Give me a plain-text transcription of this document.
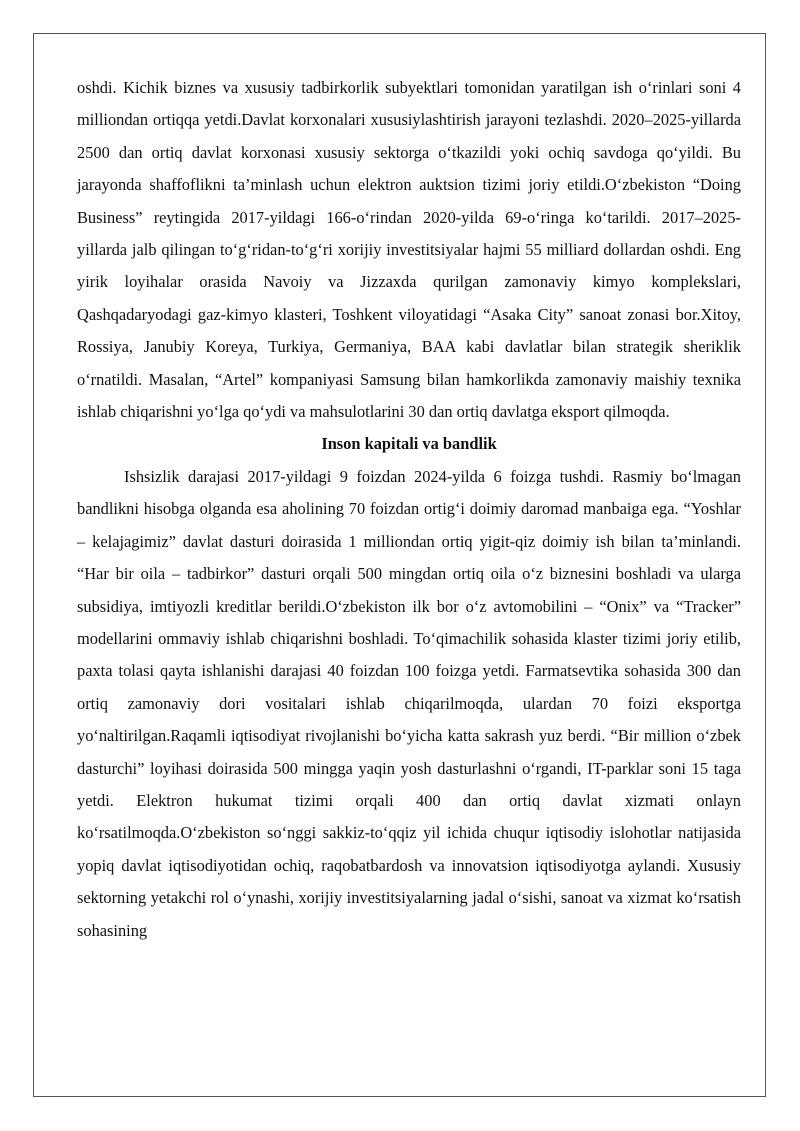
oshdi. Kichik biznes va xususiy tadbirkorlik subyektlari tomonidan yaratilgan ish o‘rinlari soni 4 milliondan ortiqqa yetdi.Davlat korxonalari xususiylashtirish jarayoni tezlashdi. 2020–2025-yillarda 2500 dan ortiq davlat korxonasi xususiy sektorga o‘tkazildi yoki ochiq savdoga qo‘yildi. Bu jarayonda shaffoflikni ta’minlash uchun elektron auktsion tizimi joriy etildi.O‘zbekiston “Doing Business” reytingida 2017-yildagi 166-o‘rindan 2020-yilda 69-o‘ringa ko‘tarildi. 2017–2025-yillarda jalb qilingan to‘g‘ridan-to‘g‘ri xorijiy investitsiyalar hajmi 55 milliard dollardan oshdi. Eng yirik loyihalar orasida Navoiy va Jizzaxda qurilgan zamonaviy kimyo komplekslari, Qashqadaryodagi gaz-kimyo klasteri, Toshkent viloyatidagi “Asaka City” sanoat zonasi bor.Xitoy, Rossiya, Janubiy Koreya, Turkiya, Germaniya, BAA kabi davlatlar bilan strategik sheriklik o‘rnatildi. Masalan, “Artel” kompaniyasi Samsung bilan hamkorlikda zamonaviy maishiy texnika ishlab chiqarishni yo‘lga qo‘ydi va mahsulotlarini 30 dan ortiq davlatga eksport qilmoqda.

Inson kapitali va bandlik

Ishsizlik darajasi 2017-yildagi 9 foizdan 2024-yilda 6 foizga tushdi. Rasmiy bo‘lmagan bandlikni hisobga olganda esa aholining 70 foizdan ortig‘i doimiy daromad manbaiga ega. “Yoshlar – kelajagimiz” davlat dasturi doirasida 1 milliondan ortiq yigit-qiz doimiy ish bilan ta’minlandi. “Har bir oila – tadbirkor” dasturi orqali 500 mingdan ortiq oila o‘z biznesini boshladi va ularga subsidiya, imtiyozli kreditlar berildi.O‘zbekiston ilk bor o‘z avtomobilini – “Onix” va “Tracker” modellarini ommaviy ishlab chiqarishni boshladi. To‘qimachilik sohasida klaster tizimi joriy etilib, paxta tolasi qayta ishlanishi darajasi 40 foizdan 100 foizga yetdi. Farmatsevtika sohasida 300 dan ortiq zamonaviy dori vositalari ishlab chiqarilmoqda, ulardan 70 foizi eksportga yo‘naltirilgan.Raqamli iqtisodiyat rivojlanishi bo‘yicha katta sakrash yuz berdi. “Bir million o‘zbek dasturchi” loyihasi doirasida 500 mingga yaqin yosh dasturlashni o‘rgandi, IT-parklar soni 15 taga yetdi. Elektron hukumat tizimi orqali 400 dan ortiq davlat xizmati onlayn ko‘rsatilmoqda.O‘zbekiston so‘nggi sakkiz-to‘qqiz yil ichida chuqur iqtisodiy islohotlar natijasida yopiq davlat iqtisodiyotidan ochiq, raqobatbardosh va innovatsion iqtisodiyotga aylandi. Xususiy sektorning yetakchi rol o‘ynashi, xorijiy investitsiyalarning jadal o‘sishi, sanoat va xizmat ko‘rsatish sohasining
